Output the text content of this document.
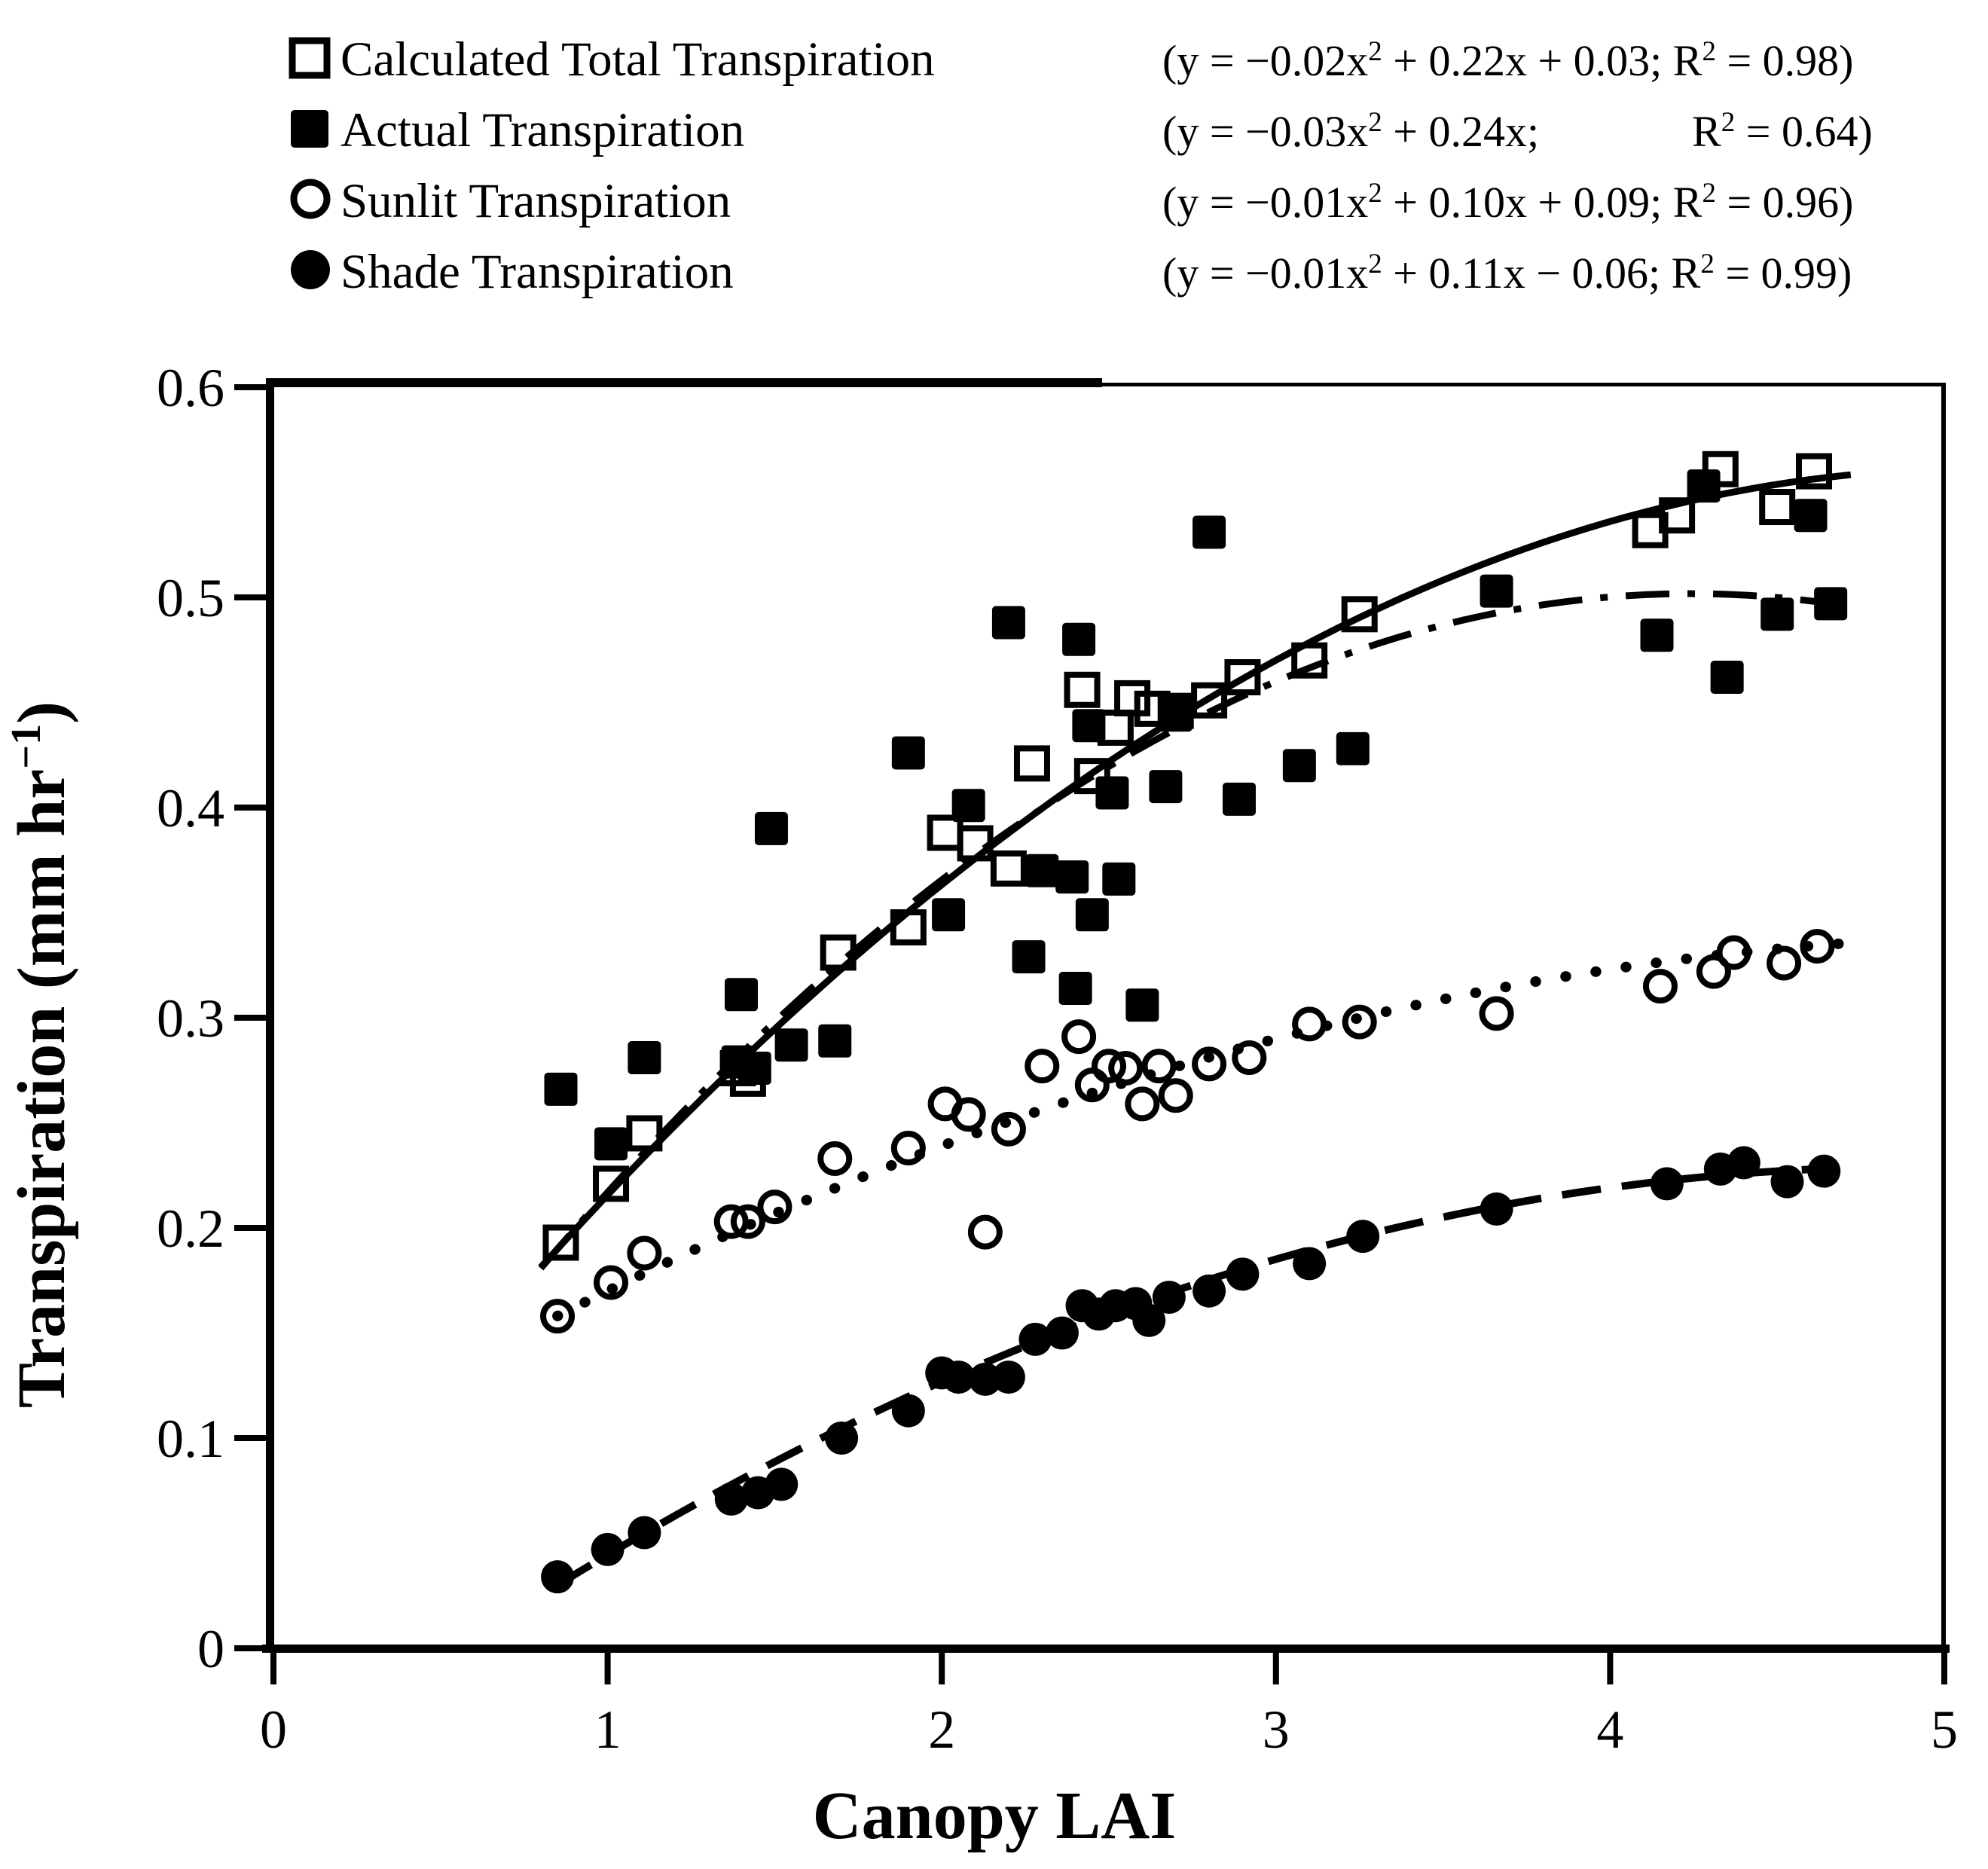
0	1	2	3	4	5
0
0.1
0.2
0.3
0.4
0.5
0.6
Canopy LAI
Transpiration (mm $hr^{-1}$)
Calculated Total Transpiration	($y = -0.02x^2 + 0.22x + 0.03$; $R^2 = 0.98$)
Actual Transpiration	($y = -0.03x^2 + 0.24x$;              $R^2 = 0.64$)
Sunlit Transpiration	($y = -0.01x^2 + 0.10x + 0.09$; $R^2 = 0.96$)
Shade Transpiration	($y = -0.01x^2 + 0.11x - 0.06$; $R^2 = 0.99$)
